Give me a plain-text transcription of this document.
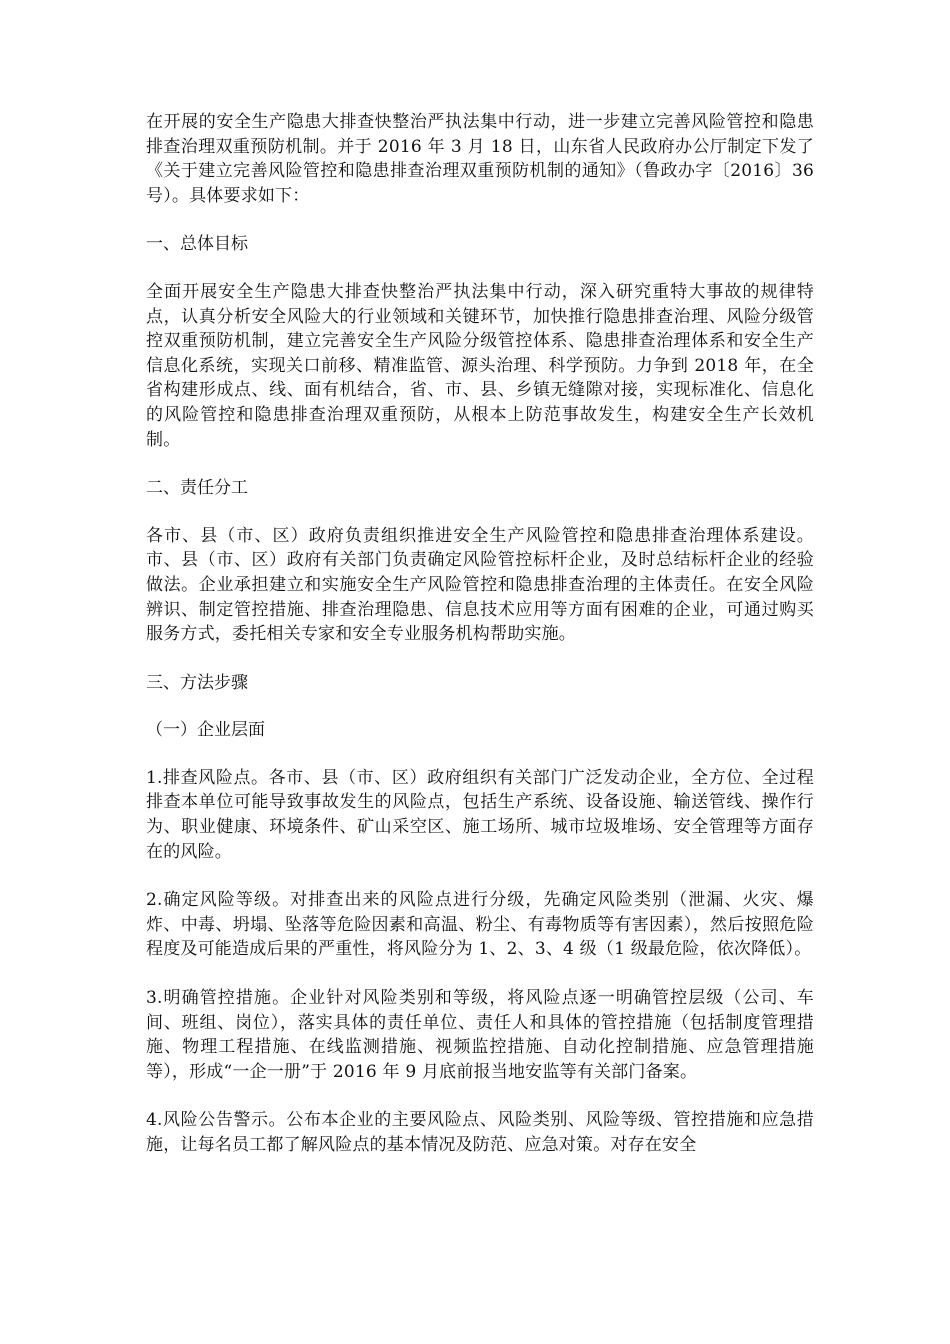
在开展的安全生产隐患大排查快整治严执法集中行动，进一步建立完善风险管控和隐患排查治理双重预防机制。并于 2016 年 3 月 18 日，山东省人民政府办公厅制定下发了《关于建立完善风险管控和隐患排查治理双重预防机制的通知》（鲁政办字〔2016〕36 号）。具体要求如下：

一、总体目标

全面开展安全生产隐患大排查快整治严执法集中行动，深入研究重特大事故的规律特点，认真分析安全风险大的行业领域和关键环节，加快推行隐患排查治理、风险分级管控双重预防机制，建立完善安全生产风险分级管控体系、隐患排查治理体系和安全生产信息化系统，实现关口前移、精准监管、源头治理、科学预防。力争到 2018 年，在全省构建形成点、线、面有机结合，省、市、县、乡镇无缝隙对接，实现标准化、信息化的风险管控和隐患排查治理双重预防，从根本上防范事故发生，构建安全生产长效机制。

二、责任分工

各市、县（市、区）政府负责组织推进安全生产风险管控和隐患排查治理体系建设。市、县（市、区）政府有关部门负责确定风险管控标杆企业，及时总结标杆企业的经验做法。企业承担建立和实施安全生产风险管控和隐患排查治理的主体责任。在安全风险辨识、制定管控措施、排查治理隐患、信息技术应用等方面有困难的企业，可通过购买服务方式，委托相关专家和安全专业服务机构帮助实施。

三、方法步骤

（一）企业层面

1.排查风险点。各市、县（市、区）政府组织有关部门广泛发动企业，全方位、全过程排查本单位可能导致事故发生的风险点，包括生产系统、设备设施、输送管线、操作行为、职业健康、环境条件、矿山采空区、施工场所、城市垃圾堆场、安全管理等方面存在的风险。

2.确定风险等级。对排查出来的风险点进行分级，先确定风险类别（泄漏、火灾、爆炸、中毒、坍塌、坠落等危险因素和高温、粉尘、有毒物质等有害因素），然后按照危险程度及可能造成后果的严重性，将风险分为 1、2、3、4 级（1 级最危险，依次降低）。

3.明确管控措施。企业针对风险类别和等级，将风险点逐一明确管控层级（公司、车间、班组、岗位），落实具体的责任单位、责任人和具体的管控措施（包括制度管理措施、物理工程措施、在线监测措施、视频监控措施、自动化控制措施、应急管理措施等），形成“一企一册”于 2016 年 9 月底前报当地安监等有关部门备案。

4.风险公告警示。公布本企业的主要风险点、风险类别、风险等级、管控措施和应急措施，让每名员工都了解风险点的基本情况及防范、应急对策。对存在安全
